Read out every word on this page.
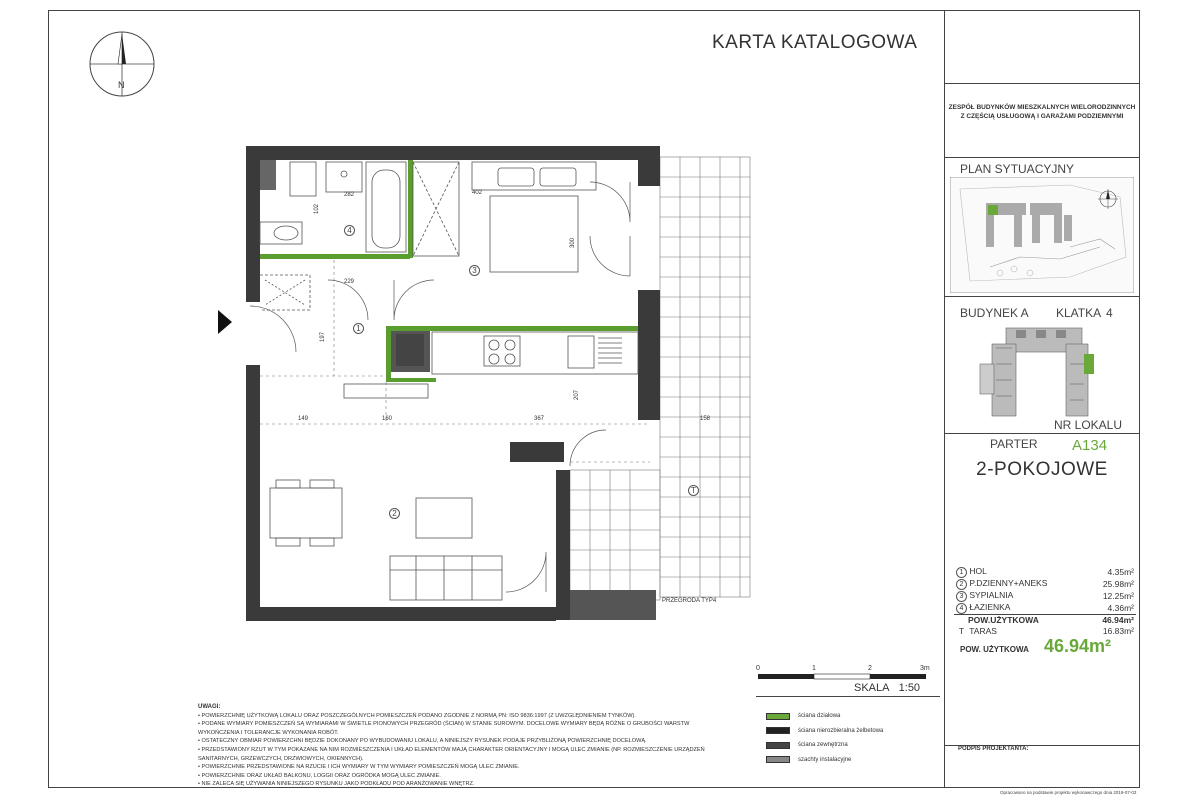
N
KARTA KATALOGOWA
ZESPÓŁ BUDYNKÓW MIESZKALNYCH WIELORODZINNYCH
Z CZĘŚCIĄ USŁUGOWĄ I GARAŻAMI PODZIEMNYMI
PLAN SYTUACYJNY
BUDYNEK A KLATKA 4
NR LOKALU
PARTER A134
2-POKOJOWE
1 HOL	4.35m²
2 P.DZIENNY+ANEKS	25.98m²
3 SYPIALNIA	12.25m²
4 ŁAZIENKA	4.36m²
POW.UŻYTKOWA	46.94m²
T TARAS	16.83m²
POW. UŻYTKOWA 46.94m²
PODPIS PROJEKTANTA:
Opracowano na podstawie projektu wykonawczego dnia 2019-07-03
282	402
102
229
300
197
207
149	160	367	158
1
2
3
4
T
0	1	2	3m
SKALA 1:50
UWAGI:
• POWIERZCHNIĘ UŻYTKOWĄ LOKALU ORAZ POSZCZEGÓLNYCH POMIESZCZEŃ PODANO ZGODNIE Z NORMĄ PN: ISO 9836:1997 (Z UWZGLĘDNIENIEM TYNKÓW).
• PODANE WYMIARY POMIESZCZEŃ SĄ WYMIARAMI W ŚWIETLE PIONOWYCH PRZEGRÓD (ŚCIAN) W STANIE SUROWYM. DOCELOWE WYMIARY BĘDĄ RÓŻNE O GRUBOŚCI WARSTW WYKOŃCZENIA I TOLERANCJE WYKONANIA ROBÓT.
• OSTATECZNY OBMIAR POWIERZCHNI BĘDZIE DOKONANY PO WYBUDOWANIU LOKALU, A NINIEJSZY RYSUNEK PODAJE PRZYBLIŻONĄ POWIERZCHNIĘ DOCELOWĄ.
• PRZEDSTAWIONY RZUT W TYM POKAZANE NA NIM ROZMIESZCZENIA I UKŁAD ELEMENTÓW MAJĄ CHARAKTER ORIENTACYJNY I MOGĄ ULEC ZMIANIE (NP. ROZMIESZCZENIE URZĄDZEŃ SANITARNYCH, GRZEWCZYCH, DRZWIOWYCH, OKIENNYCH).
• POWIERZCHNIE PRZEDSTAWIONE NA RZUCIE I ICH WYMIARY W TYM WYMIARY POMIESZCZEŃ MOGĄ ULEC ZMIANIE.
• POWIERZCHNIE ORAZ UKŁAD BALKONU, LOGGII ORAZ OGRÓDKA MOGĄ ULEC ZMIANIE.
• NIE ZALECA SIĘ UŻYWANIA NINIEJSZEGO RYSUNKU JAKO PODKŁADU POD ARANŻOWANIE WNĘTRZ.
ściana działowa
ściana nierozbieralna żelbetowa
ściana zewnętrzna
szachty instalacyjne
PRZEGRODA TYP4
